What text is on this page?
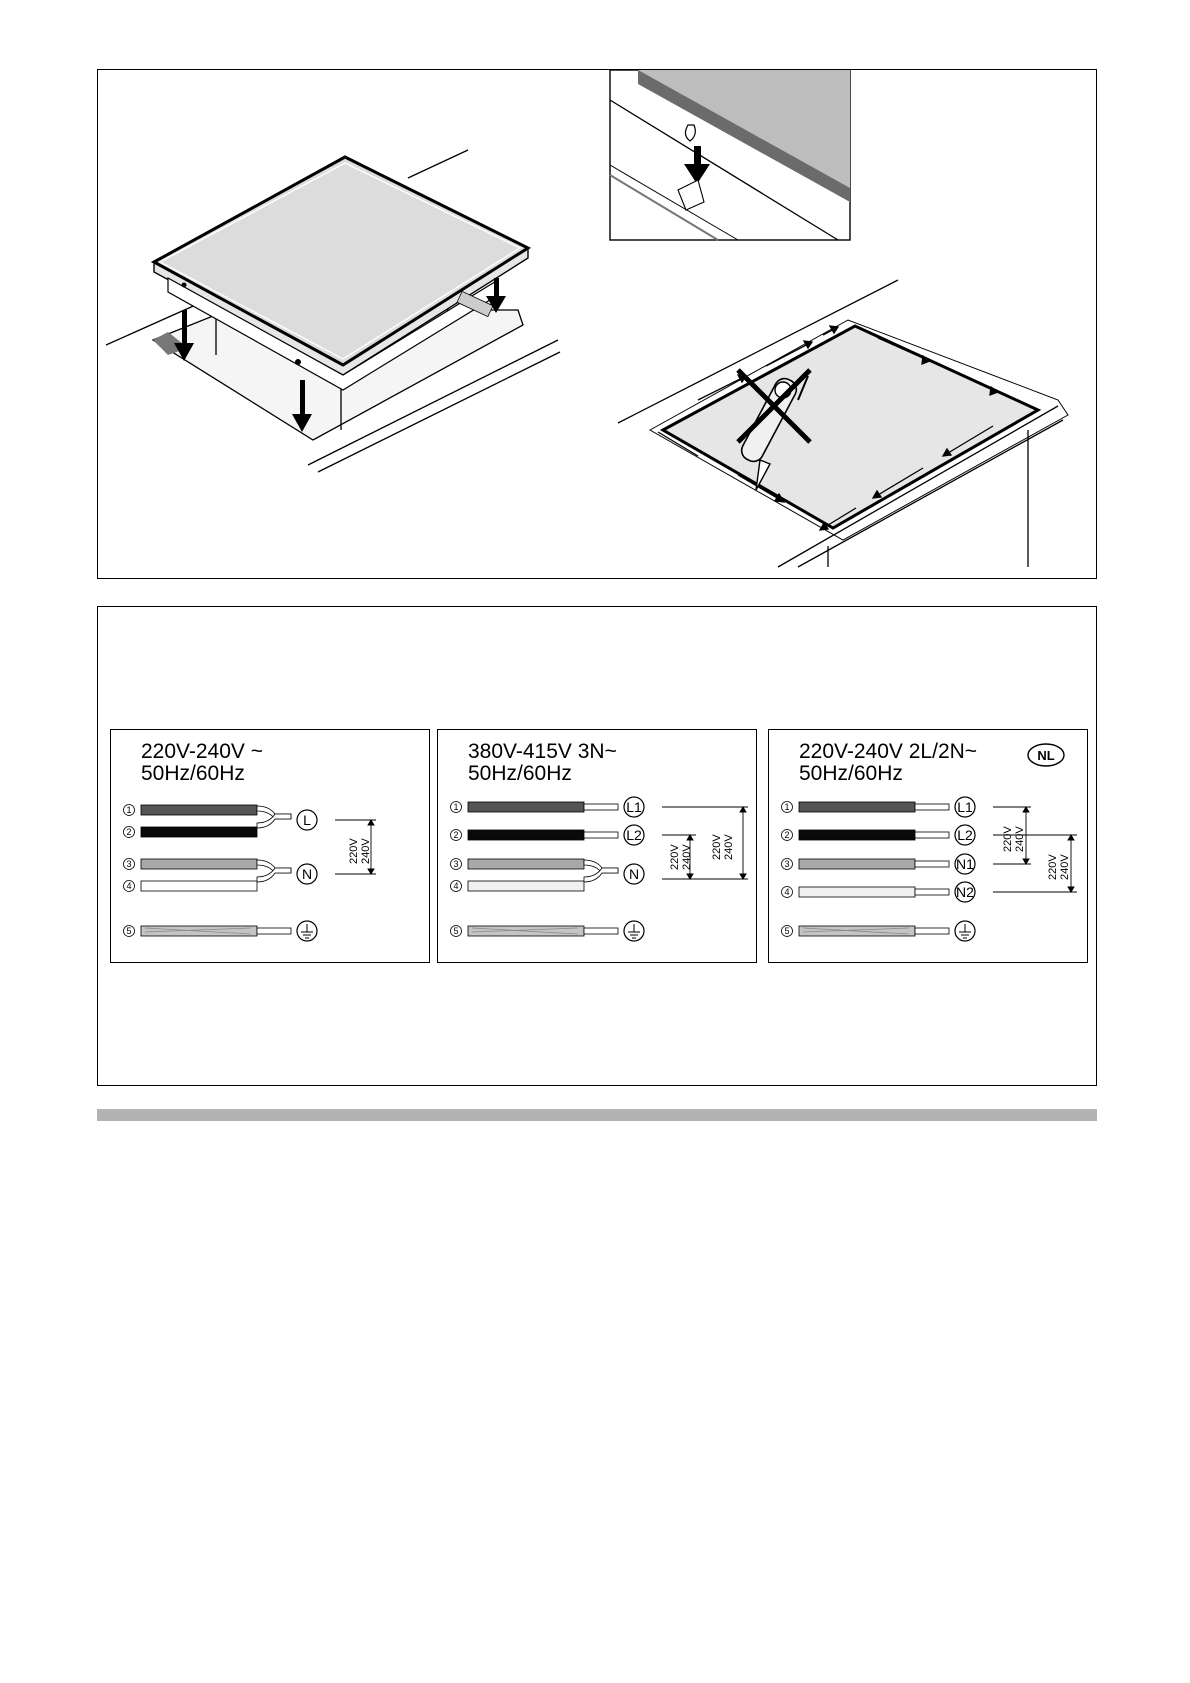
220V-240V ~
50Hz/60Hz
1
2
3
4
5
L
N
220V 240V
380V-415V 3N~
50Hz/60Hz
1
2
3
4
5
L1
L2
N
220V 240V 220V 240V
220V-240V 2L/2N~
50Hz/60Hz
NL
1
2
3
4
5
L1
L2
N1
N2
220V 240V
220V 240V
